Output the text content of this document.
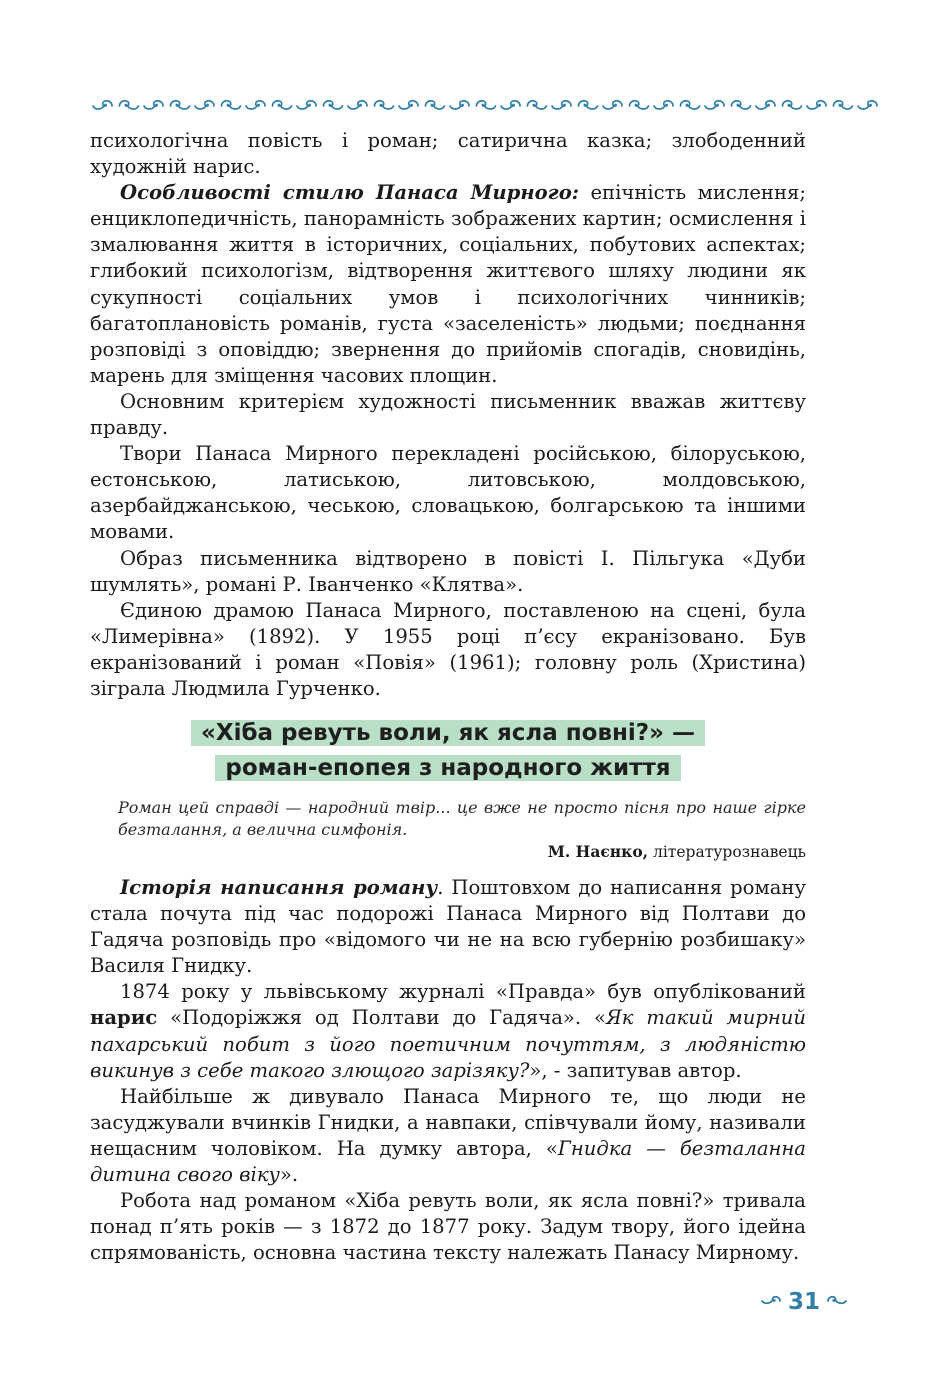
психологічна повість і роман; сатирична казка; злободенний художній нарис.

Особливості стилю Панаса Мирного: епічність мислення; енциклопедичність, панорамність зображених картин; осмислення і змалювання життя в історичних, соціальних, побутових аспектах; глибокий психологізм, відтворення життєвого шляху людини як сукупності соціальних умов і психологічних чинників; багатоплановість романів, густа «заселеність» людьми; поєднання розповіді з оповіддю; звернення до прийомів спогадів, сновидінь, марень для зміщення часових площин.

Основним критерієм художності письменник вважав життєву правду.

Твори Панаса Мирного перекладені російською, білоруською, естонською, латиською, литовською, молдовською, азербайджанською, чеською, словацькою, болгарською та іншими мовами.

Образ письменника відтворено в повісті І. Пільгука «Дуби шумлять», романі Р. Іванченко «Клятва».

Єдиною драмою Панаса Мирного, поставленою на сцені, була «Лимерівна» (1892). У 1955 році п’єсу екранізовано. Був екранізований і роман «Повія» (1961); головну роль (Христина) зіграла Людмила Гурченко.

«Хіба ревуть воли, як ясла повні?» —
роман-епопея з народного життя
Роман цей справді — народний твір... це вже не просто пісня про наше гірке безталання, а велична симфонія.
М. Наєнко, літературознавець

Історія написання роману. Поштовхом до написання роману стала почута під час подорожі Панаса Мирного від Полтави до Гадяча розповідь про «відомого чи не на всю губернію розбишаку» Василя Гнидку.

1874 року у львівському журналі «Правда» був опублікований нарис «Подоріжжя од Полтави до Гадяча». «Як такий мирний пахарський побит з його поетичним почуттям, з людяністю викинув з себе такого злющого зарізяку?», - запитував автор.

Найбільше ж дивувало Панаса Мирного те, що люди не засуджували вчинків Гнидки, а навпаки, співчували йому, називали нещасним чоловіком. На думку автора, «Гнидка — безталанна дитина свого віку».

Робота над романом «Хіба ревуть воли, як ясла повні?» тривала понад п’ять років — з 1872 до 1877 року. Задум твору, його ідейна спрямованість, основна частина тексту належать Панасу Мирному.

31
